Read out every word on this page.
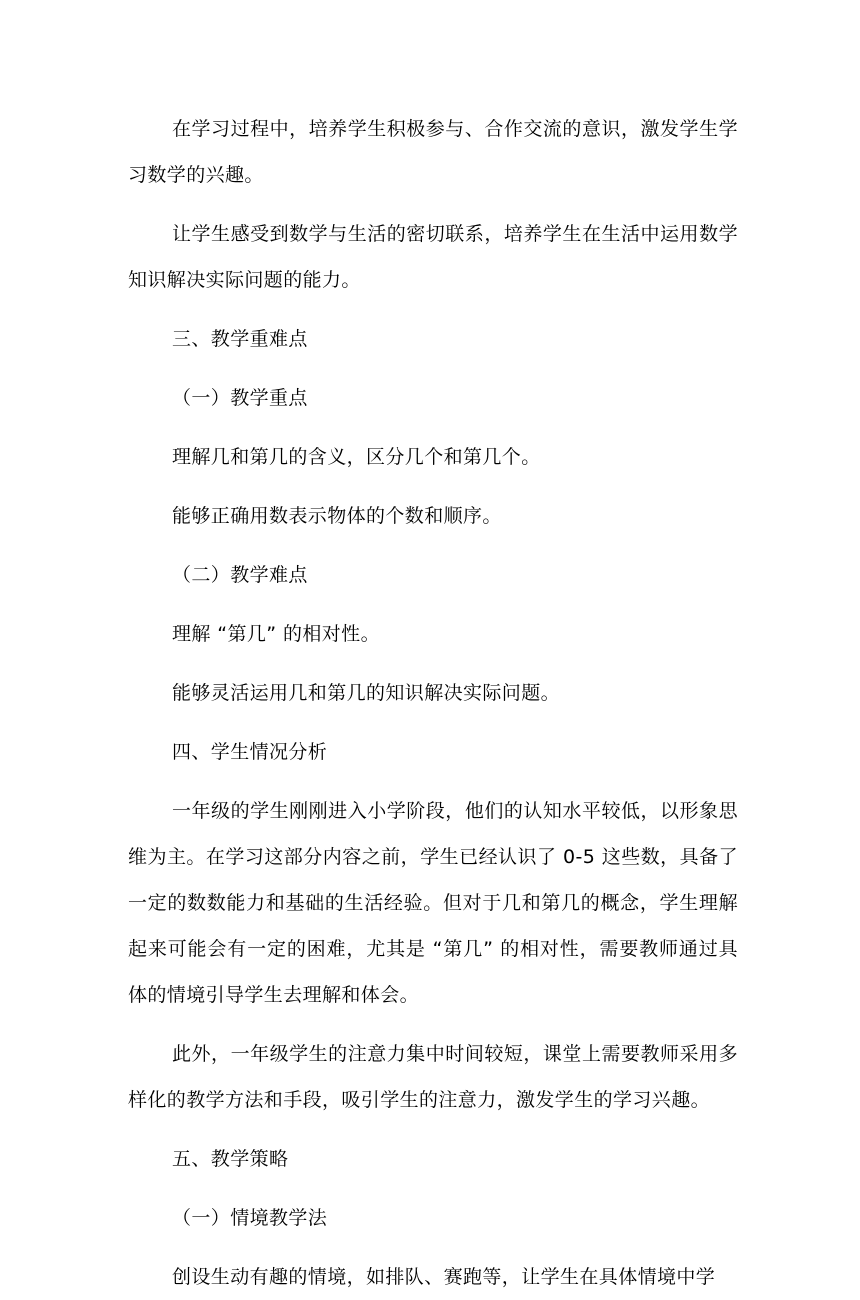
在学习过程中，培养学生积极参与、合作交流的意识，激发学生学习数学的兴趣。

让学生感受到数学与生活的密切联系，培养学生在生活中运用数学知识解决实际问题的能力。

三、教学重难点

（一）教学重点

理解几和第几的含义，区分几个和第几个。

能够正确用数表示物体的个数和顺序。

（二）教学难点

理解 “第几” 的相对性。

能够灵活运用几和第几的知识解决实际问题。

四、学生情况分析

一年级的学生刚刚进入小学阶段，他们的认知水平较低，以形象思维为主。在学习这部分内容之前，学生已经认识了 0-5 这些数，具备了一定的数数能力和基础的生活经验。但对于几和第几的概念，学生理解起来可能会有一定的困难，尤其是 “第几” 的相对性，需要教师通过具体的情境引导学生去理解和体会。

此外，一年级学生的注意力集中时间较短，课堂上需要教师采用多样化的教学方法和手段，吸引学生的注意力，激发学生的学习兴趣。

五、教学策略

（一）情境教学法

创设生动有趣的情境，如排队、赛跑等，让学生在具体情境中学
